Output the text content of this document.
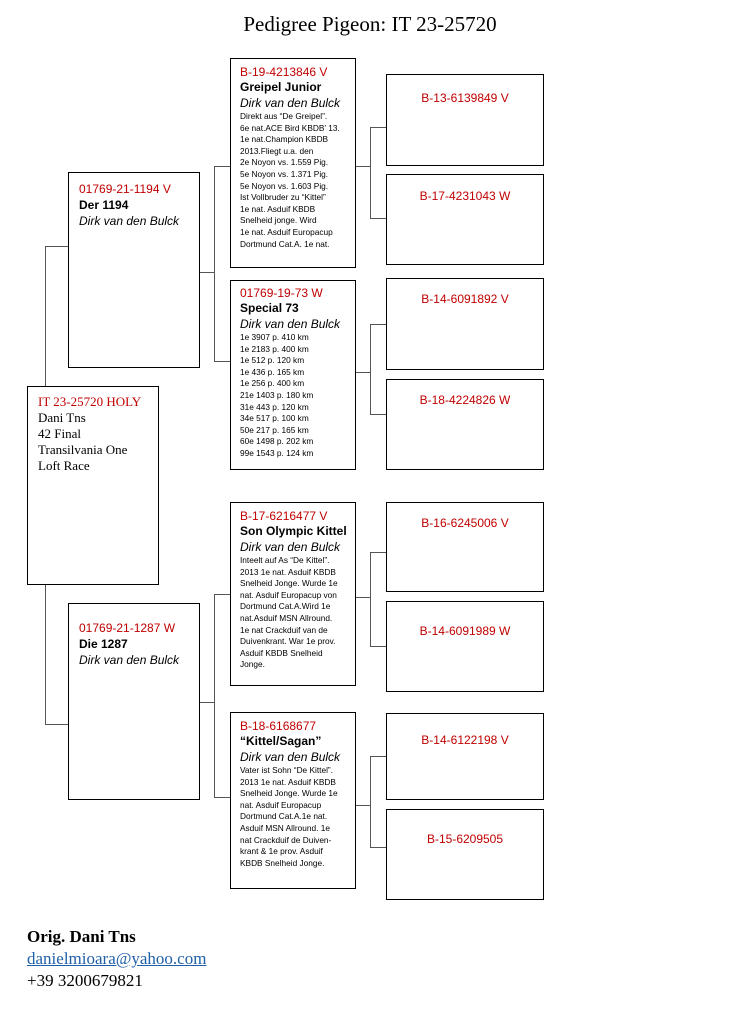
Pedigree Pigeon: IT 23-25720
IT 23-25720 HOLY
Dani Tns
42 Final
Transilvania One
Loft Race
01769-21-1194 V
Der 1194
Dirk van den Bulck
01769-21-1287 W
Die 1287
Dirk van den Bulck
B-19-4213846 V
Greipel Junior
Dirk van den Bulck
Direkt aus “De Greipel”.
6e nat.ACE Bird KBDB’ 13.
1e nat.Champion KBDB
2013.Fliegt u.a. den
2e Noyon vs. 1.559 Pig.
5e Noyon vs. 1.371 Pig.
5e Noyon vs. 1.603 Pig.
Ist Vollbruder zu “Kittel”
1e nat. Asduif KBDB
Snelheid jonge. Wird
1e nat. Asduif Europacup
Dortmund Cat.A. 1e nat.
01769-19-73 W
Special 73
Dirk van den Bulck
1e 3907 p. 410 km
1e 2183 p. 400 km
1e 512 p. 120 km
1e 436 p. 165 km
1e 256 p. 400 km
21e 1403 p. 180 km
31e 443 p. 120 km
34e 517 p. 100 km
50e 217 p. 165 km
60e 1498 p. 202 km
99e 1543 p. 124 km
B-17-6216477 V
Son Olympic Kittel
Dirk van den Bulck
Inteelt auf As “De Kittel”.
2013 1e nat. Asduif KBDB
Snelheid Jonge. Wurde 1e
nat. Asduif Europacup von
Dortmund Cat.A.Wird 1e
nat.Asduif MSN Allround.
1e nat Crackduif van de
Duivenkrant. War 1e prov.
Asduif KBDB Snelheid
Jonge.
B-18-6168677
“Kittel/Sagan”
Dirk van den Bulck
Vater ist Sohn “De Kittel”.
2013 1e nat. Asduif KBDB
Snelheid Jonge. Wurde 1e
nat. Asduif Europacup
Dortmund Cat.A.1e nat.
Asduif MSN Allround. 1e
nat Crackduif de Duiven-
krant & 1e prov. Asduif
KBDB Snelheid Jonge.
B-13-6139849 V
B-17-4231043 W
B-14-6091892 V
B-18-4224826 W
B-16-6245006 V
B-14-6091989 W
B-14-6122198 V
B-15-6209505
Orig. Dani Tns
danielmioara@yahoo.com
+39 3200679821
